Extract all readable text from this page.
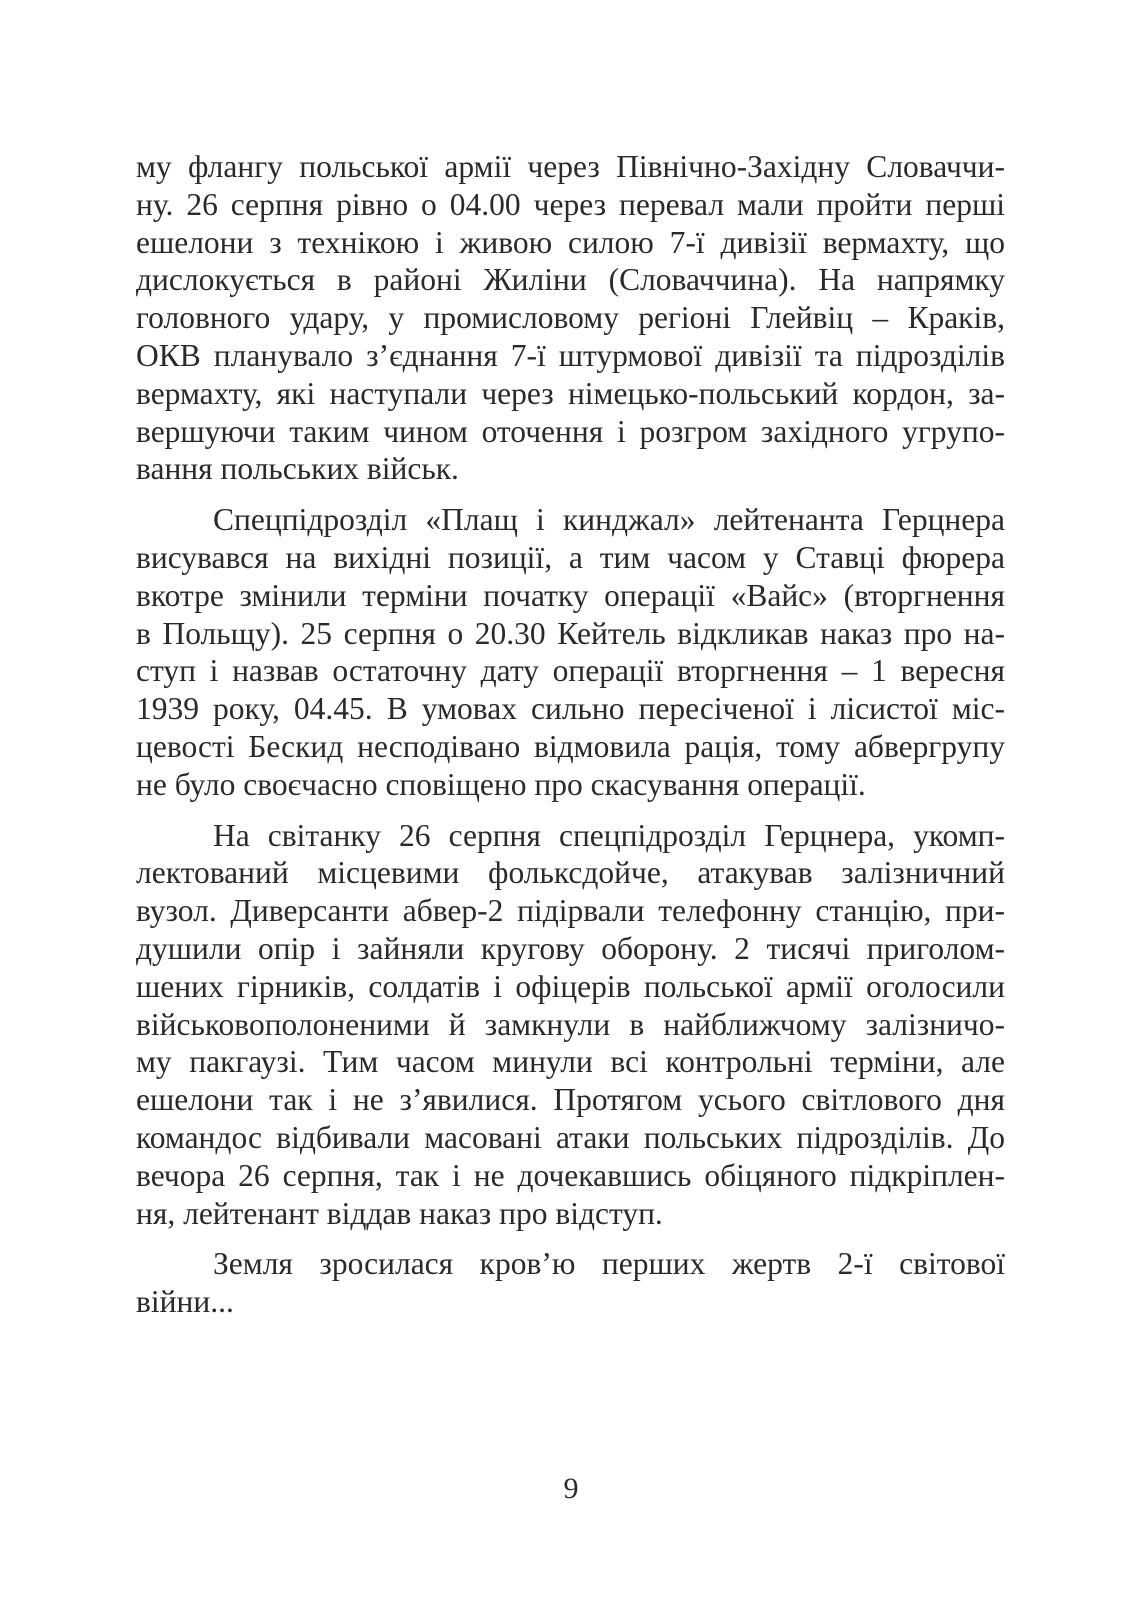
му флангу польської армії через Північно-Західну Словаччи-
ну. 26 серпня рівно о 04.00 через перевал мали пройти перші
ешелони з технікою і живою силою 7-ї дивізії вермахту, що
дислокується в районі Жиліни (Словаччина). На напрямку
головного удару, у промисловому регіоні Глейвіц – Краків,
ОКВ планувало з’єднання 7-ї штурмової дивізії та підрозділів
вермахту, які наступали через німецько-польський кордон, за-
вершуючи таким чином оточення і розгром західного угрупо-
вання польських військ.
Спецпідрозділ «Плащ і кинджал» лейтенанта Герцнера
висувався на вихідні позиції, а тим часом у Ставці фюрера
вкотре змінили терміни початку операції «Вайс» (вторгнення
в Польщу). 25 серпня о 20.30 Кейтель відкликав наказ про на-
ступ і назвав остаточну дату операції вторгнення – 1 вересня
1939 року, 04.45. В умовах сильно пересіченої і лісистої міс-
цевості Бескид несподівано відмовила рація, тому абвергрупу
не було своєчасно сповіщено про скасування операції.
На світанку 26 серпня спецпідрозділ Герцнера, укомп-
лектований місцевими фольксдойче, атакував залізничний
вузол. Диверсанти абвер-2 підірвали телефонну станцію, при-
душили опір і зайняли кругову оборону. 2 тисячі приголом-
шених гірників, солдатів і офіцерів польської армії оголосили
військовополоненими й замкнули в найближчому залізничо-
му пакгаузі. Тим часом минули всі контрольні терміни, але
ешелони так і не з’явилися. Протягом усього світлового дня
командос відбивали масовані атаки польських підрозділів. До
вечора 26 серпня, так і не дочекавшись обіцяного підкріплен-
ня, лейтенант віддав наказ про відступ.
Земля зросилася кров’ю перших жертв 2-ї світової
війни...
9
